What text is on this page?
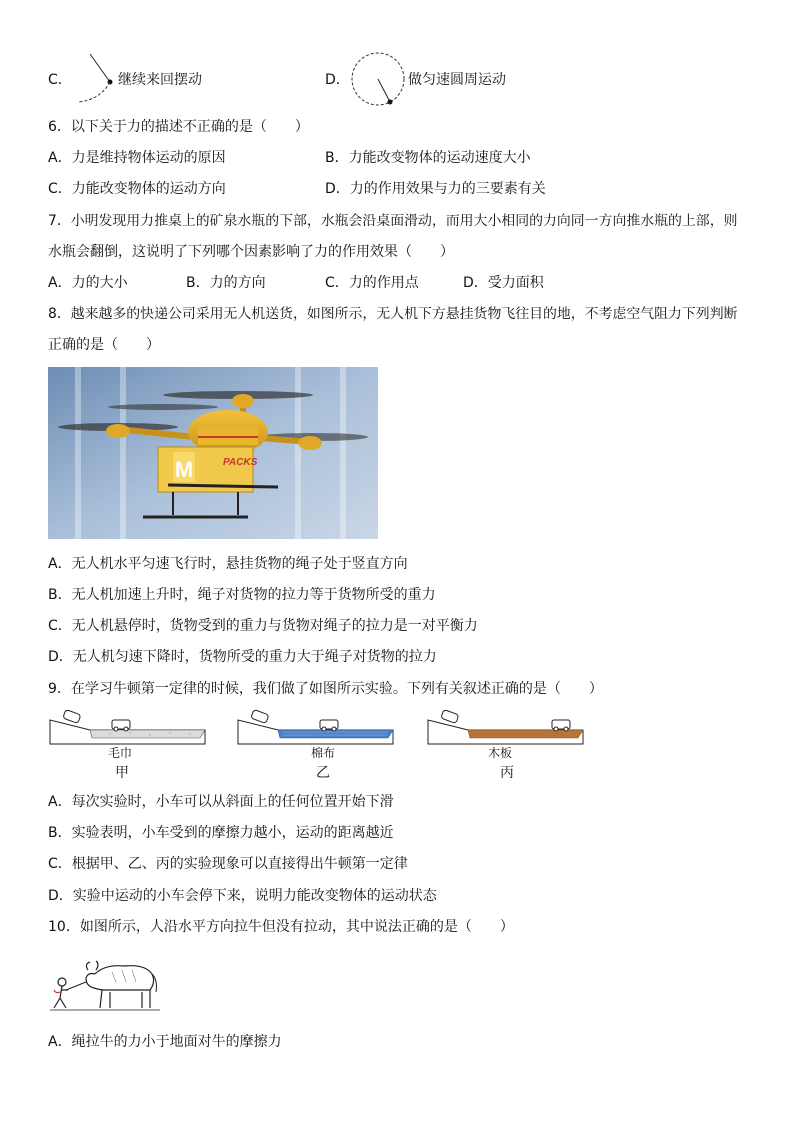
C．	继续来回摆动	D．	做匀速圆周运动
6．以下关于力的描述不正确的是（　　）
A．力是维持物体运动的原因	B．力能改变物体的运动速度大小
C．力能改变物体的运动方向	D．力的作用效果与力的三要素有关
7．小明发现用力推桌上的矿泉水瓶的下部，水瓶会沿桌面滑动，而用大小相同的力向同一方向推水瓶的上部，则
水瓶会翻倒，这说明了下列哪个因素影响了力的作用效果（　　）
A．力的大小	B．力的方向	C．力的作用点	D．受力面积
8．越来越多的快递公司采用无人机送货，如图所示，无人机下方悬挂货物飞往目的地，不考虑空气阻力下列判断
正确的是（　　）
M	PACKS
A．无人机水平匀速飞行时，悬挂货物的绳子处于竖直方向
B．无人机加速上升时，绳子对货物的拉力等于货物所受的重力
C．无人机悬停时，货物受到的重力与货物对绳子的拉力是一对平衡力
D．无人机匀速下降时，货物所受的重力大于绳子对货物的拉力
9．在学习牛顿第一定律的时候，我们做了如图所示实验。下列有关叙述正确的是（　　）
毛巾
甲
棉布
乙
木板
丙
A．每次实验时，小车可以从斜面上的任何位置开始下滑
B．实验表明，小车受到的摩擦力越小，运动的距离越近
C．根据甲、乙、丙的实验现象可以直接得出牛顿第一定律
D．实验中运动的小车会停下来，说明力能改变物体的运动状态
10．如图所示，人沿水平方向拉牛但没有拉动，其中说法正确的是（　　）
A．绳拉牛的力小于地面对牛的摩擦力
